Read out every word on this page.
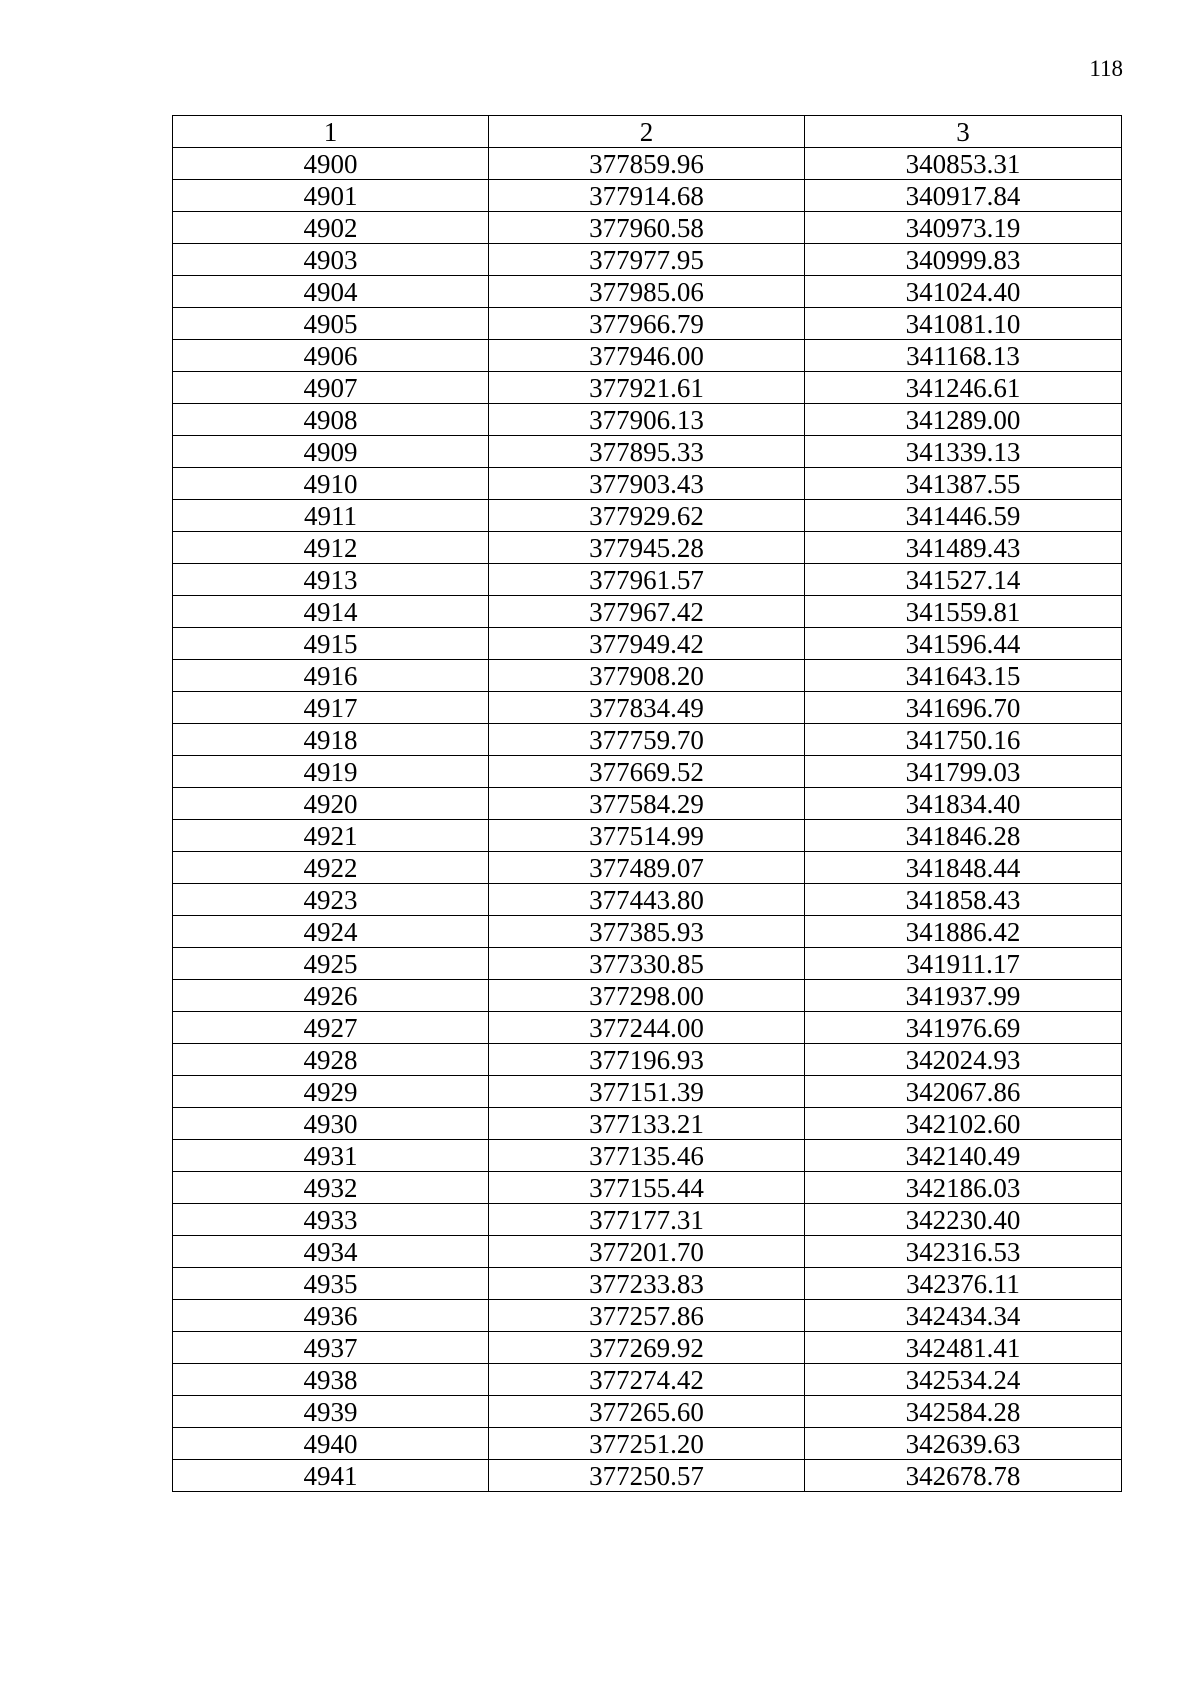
118
1	2	3
4900	377859.96	340853.31
4901	377914.68	340917.84
4902	377960.58	340973.19
4903	377977.95	340999.83
4904	377985.06	341024.40
4905	377966.79	341081.10
4906	377946.00	341168.13
4907	377921.61	341246.61
4908	377906.13	341289.00
4909	377895.33	341339.13
4910	377903.43	341387.55
4911	377929.62	341446.59
4912	377945.28	341489.43
4913	377961.57	341527.14
4914	377967.42	341559.81
4915	377949.42	341596.44
4916	377908.20	341643.15
4917	377834.49	341696.70
4918	377759.70	341750.16
4919	377669.52	341799.03
4920	377584.29	341834.40
4921	377514.99	341846.28
4922	377489.07	341848.44
4923	377443.80	341858.43
4924	377385.93	341886.42
4925	377330.85	341911.17
4926	377298.00	341937.99
4927	377244.00	341976.69
4928	377196.93	342024.93
4929	377151.39	342067.86
4930	377133.21	342102.60
4931	377135.46	342140.49
4932	377155.44	342186.03
4933	377177.31	342230.40
4934	377201.70	342316.53
4935	377233.83	342376.11
4936	377257.86	342434.34
4937	377269.92	342481.41
4938	377274.42	342534.24
4939	377265.60	342584.28
4940	377251.20	342639.63
4941	377250.57	342678.78
